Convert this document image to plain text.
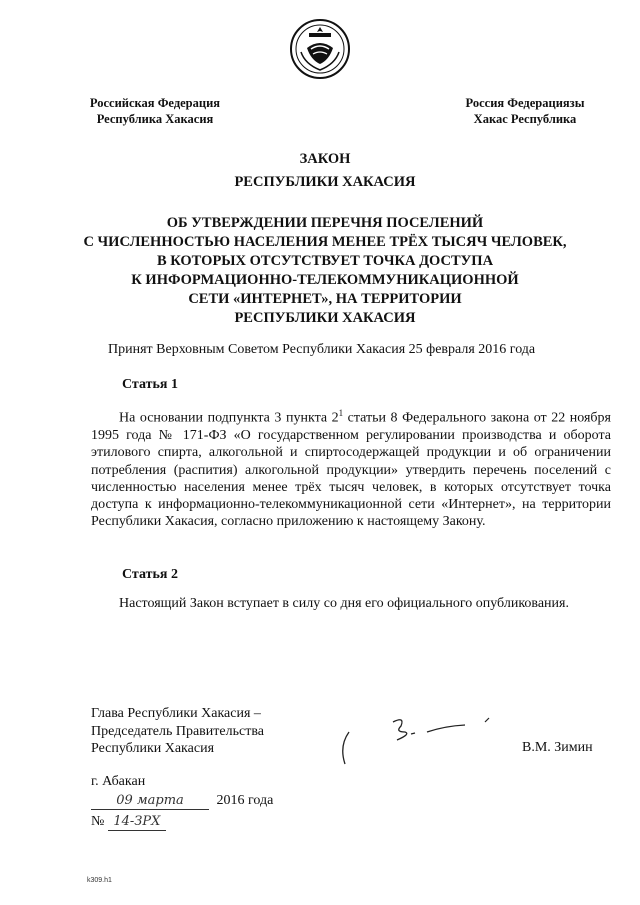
Российская Федерация
Республика Хакасия
Россия Федерациязы
Хакас Республика
ЗАКОН
РЕСПУБЛИКИ ХАКАСИЯ
ОБ УТВЕРЖДЕНИИ ПЕРЕЧНЯ ПОСЕЛЕНИЙ
С ЧИСЛЕННОСТЬЮ НАСЕЛЕНИЯ МЕНЕЕ ТРЁХ ТЫСЯЧ ЧЕЛОВЕК,
В КОТОРЫХ ОТСУТСТВУЕТ ТОЧКА ДОСТУПА
К ИНФОРМАЦИОННО-ТЕЛЕКОММУНИКАЦИОННОЙ
СЕТИ «ИНТЕРНЕТ», НА ТЕРРИТОРИИ
РЕСПУБЛИКИ ХАКАСИЯ
Принят Верховным Советом Республики Хакасия 25 февраля 2016 года
Статья 1
На основании подпункта 3 пункта $2^1$ статьи 8 Федерального закона от 22 ноября 1995 года № 171-ФЗ «О государственном регулировании производства и оборота этилового спирта, алкогольной и спиртосодержащей продукции и об ограничении потребления (распития) алкогольной продукции» утвердить перечень поселений с численностью населения менее трёх тысяч человек, в которых отсутствует точка доступа к информационно-телекоммуникационной сети «Интернет», на территории Республики Хакасия, согласно приложению к настоящему Закону.
Статья 2
Настоящий Закон вступает в силу со дня его официального опубликования.
Глава Республики Хакасия –
Председатель Правительства
Республики Хакасия	В.М. Зимин
г. Абакан
09 марта 2016 года
№ 14-ЗРХ
k309.h1
